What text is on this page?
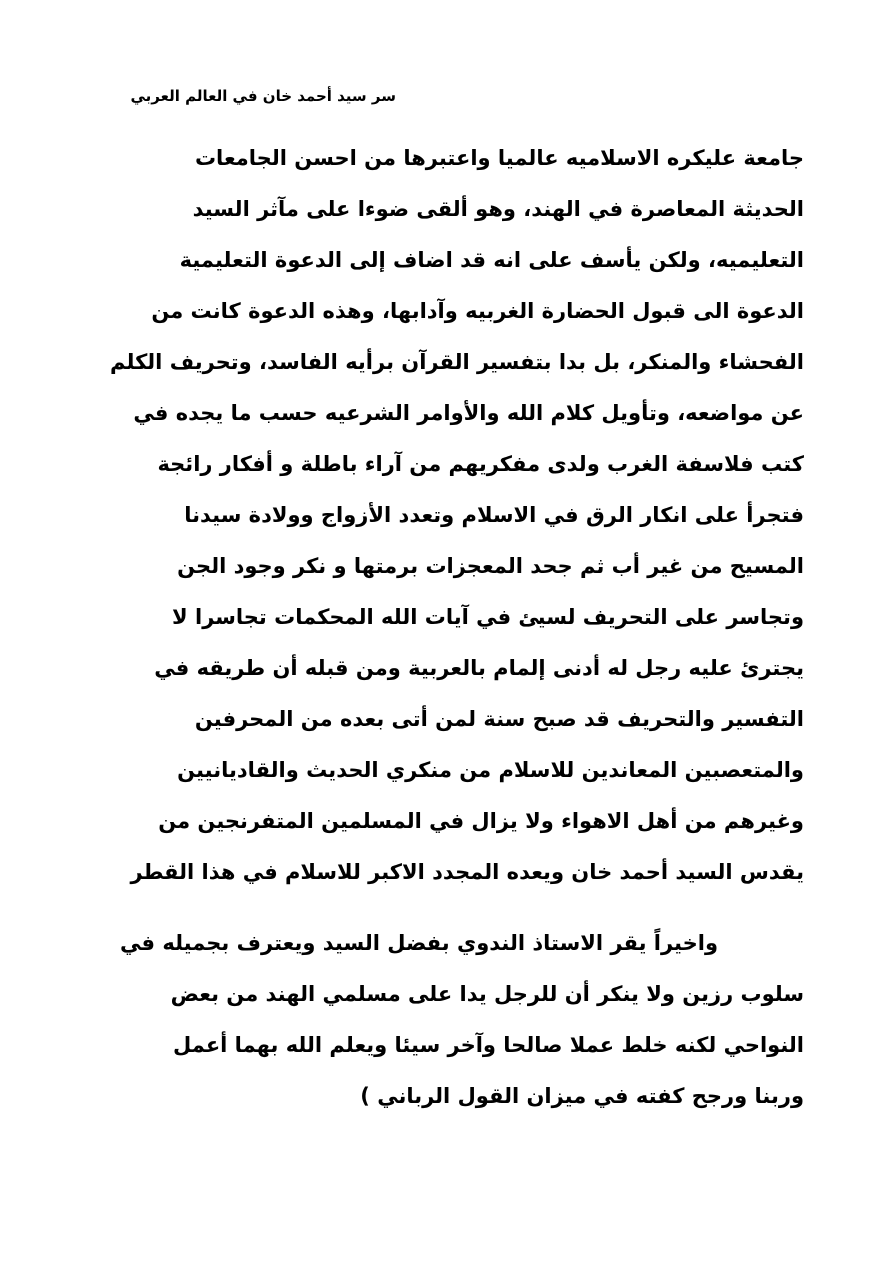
سر سيد أحمد خان في العالم العربي
جامعة عليكره الاسلاميه عالميا واعتبرها من احسن الجامعات
الحديثة المعاصرة في الهند، وهو ألقى ضوءا على مآثر السيد
التعليميه، ولكن يأسف على انه قد اضاف إلى الدعوة التعليمية
الدعوة الى قبول الحضارة الغربيه وآدابها، وهذه الدعوة كانت من
الفحشاء والمنكر، بل بدا بتفسير القرآن برأيه الفاسد، وتحريف الكلم
عن مواضعه، وتأويل كلام الله والأوامر الشرعيه حسب ما يجده في
كتب فلاسفة الغرب ولدى مفكريهم من آراء باطلة و أفكار رائجة
فتجرأ على انكار الرق في الاسلام وتعدد الأزواج وولادة سيدنا
المسيح من غير أب ثم جحد المعجزات برمتها و نكر وجود الجن
وتجاسر على التحريف لسيئ في آيات الله المحكمات تجاسرا لا
يجترئ عليه رجل له أدنى إلمام بالعربية ومن قبله أن طريقه في
التفسير والتحريف قد صبح سنة لمن أتى بعده من المحرفين
والمتعصبين المعاندين للاسلام من منكري الحديث والقاديانيين
وغيرهم من أهل الاهواء ولا يزال في المسلمين المتفرنجين من
يقدس السيد أحمد خان ويعده المجدد الاكبر للاسلام في هذا القطر
واخيراً يقر الاستاذ الندوي بفضل السيد ويعترف بجميله في
سلوب رزين ولا ينكر أن للرجل يدا على مسلمي الهند من بعض
النواحي لكنه خلط عملا صالحا وآخر سيئا ويعلم الله بهما أعمل
وربنا ورجح كفته في ميزان القول الرباني )
